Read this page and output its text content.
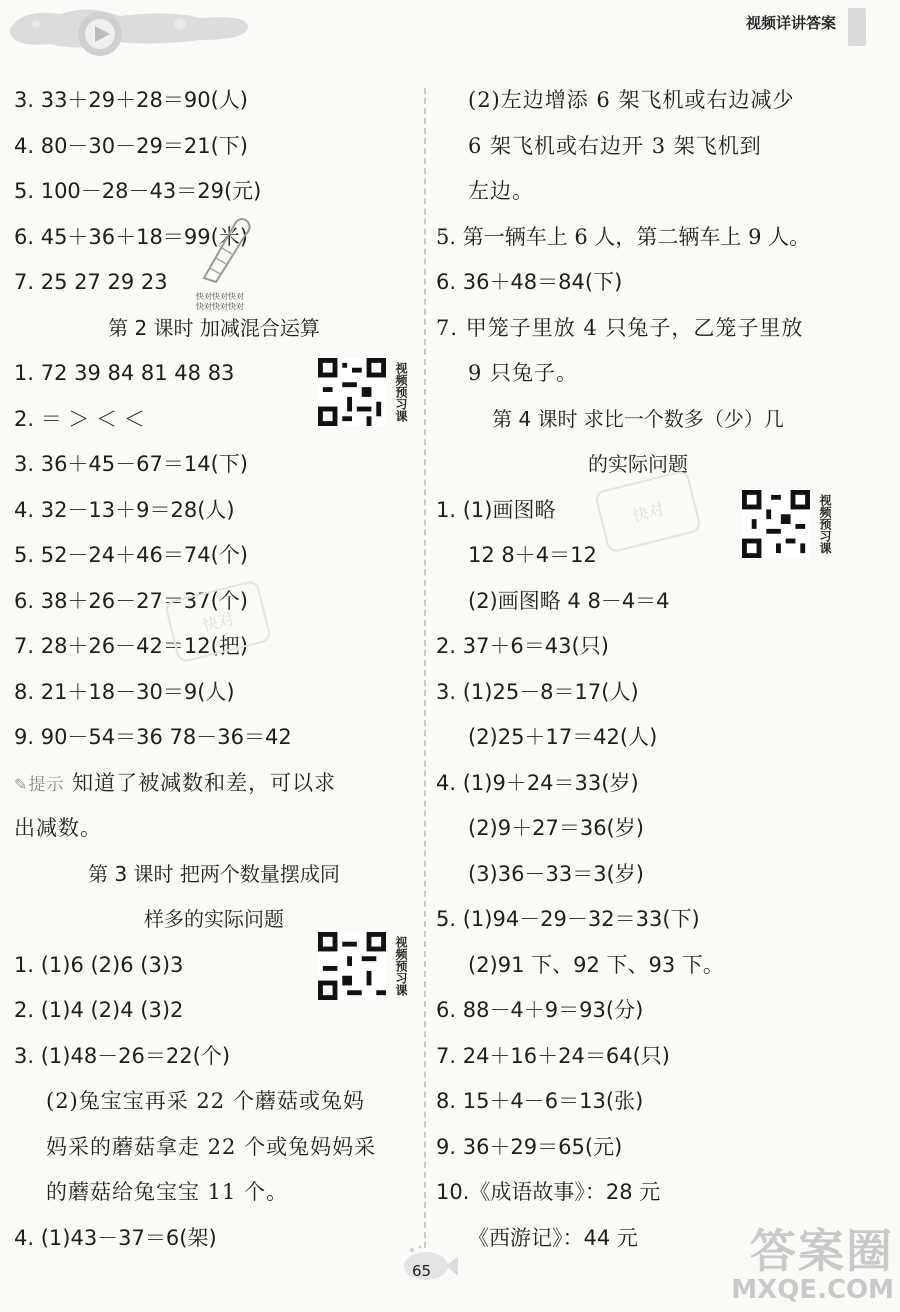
视频详讲答案
3. 33＋29＋28＝90(人)
4. 80－30－29＝21(下)
5. 100－28－43＝29(元)
6. 45＋36＋18＝99(米)
7. 25 27 29 23
第 2 课时 加减混合运算
1. 72 39 84 81 48 83
2. ＝ ＞ ＜ ＜
3. 36＋45－67＝14(下)
4. 32－13＋9＝28(人)
5. 52－24＋46＝74(个)
6. 38＋26－27＝37(个)
7. 28＋26－42＝12(把)
8. 21＋18－30＝9(人)
9. 90－54＝36 78－36＝42
✎提示 知道了被减数和差，可以求
出减数。
第 3 课时 把两个数量摆成同
样多的实际问题
1. (1)6 (2)6 (3)3
2. (1)4 (2)4 (3)2
3. (1)48－26＝22(个)
(2)兔宝宝再采 22 个蘑菇或兔妈
妈采的蘑菇拿走 22 个或兔妈妈采
的蘑菇给兔宝宝 11 个。
4. (1)43－37＝6(架)
(2)左边增添 6 架飞机或右边减少
6 架飞机或右边开 3 架飞机到
左边。
5. 第一辆车上 6 人，第二辆车上 9 人。
6. 36＋48＝84(下)
7. 甲笼子里放 4 只兔子，乙笼子里放
9 只兔子。
第 4 课时 求比一个数多（少）几
的实际问题
1. (1)画图略
12 8＋4＝12
(2)画图略 4 8－4＝4
2. 37＋6＝43(只)
3. (1)25－8＝17(人)
(2)25＋17＝42(人)
4. (1)9＋24＝33(岁)
(2)9＋27＝36(岁)
(3)36－33＝3(岁)
5. (1)94－29－32＝33(下)
(2)91 下、92 下、93 下。
6. 88－4＋9＝93(分)
7. 24＋16＋24＝64(只)
8. 15＋4－6＝13(张)
9. 36＋29＝65(元)
10.《成语故事》：28 元
《西游记》：44 元
视频预习课
视频预习课
视频预习课
快对
快对
快对快对快对
快对快对快对
65	答案圈
MXQE.COM
